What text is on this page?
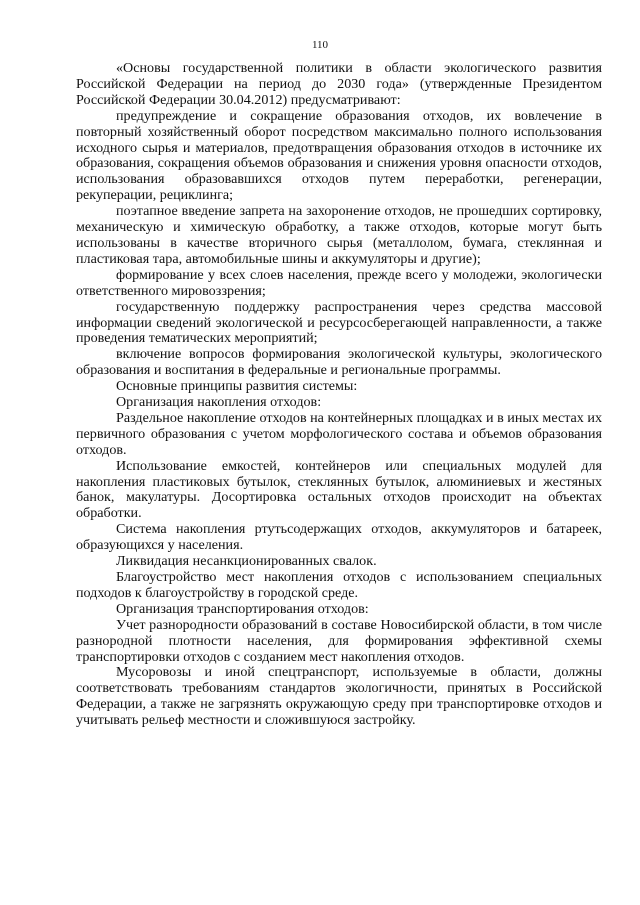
110

«Основы государственной политики в области экологического развития Российской Федерации на период до 2030 года» (утвержденные Президентом Российской Федерации 30.04.2012) предусматривают:

предупреждение и сокращение образования отходов, их вовлечение в повторный хозяйственный оборот посредством максимально полного использования исходного сырья и материалов, предотвращения образования отходов в источнике их образования, сокращения объемов образования и снижения уровня опасности отходов, использования образовавшихся отходов путем переработки, регенерации, рекуперации, рециклинга;

поэтапное введение запрета на захоронение отходов, не прошедших сортировку, механическую и химическую обработку, а также отходов, которые могут быть использованы в качестве вторичного сырья (металлолом, бумага, стеклянная и пластиковая тара, автомобильные шины и аккумуляторы и другие);

формирование у всех слоев населения, прежде всего у молодежи, экологически ответственного мировоззрения;

государственную поддержку распространения через средства массовой информации сведений экологической и ресурсосберегающей направленности, а также проведения тематических мероприятий;

включение вопросов формирования экологической культуры, экологического образования и воспитания в федеральные и региональные программы.

Основные принципы развития системы:

Организация накопления отходов:

Раздельное накопление отходов на контейнерных площадках и в иных местах их первичного образования с учетом морфологического состава и объемов образования отходов.

Использование емкостей, контейнеров или специальных модулей для накопления пластиковых бутылок, стеклянных бутылок, алюминиевых и жестяных банок, макулатуры. Досортировка остальных отходов происходит на объектах обработки.

Система накопления ртутьсодержащих отходов, аккумуляторов и батареек, образующихся у населения.

Ликвидация несанкционированных свалок.

Благоустройство мест накопления отходов с использованием специальных подходов к благоустройству в городской среде.

Организация транспортирования отходов:

Учет разнородности образований в составе Новосибирской области, в том числе разнородной плотности населения, для формирования эффективной схемы транспортировки отходов с созданием мест накопления отходов.

Мусоровозы и иной спецтранспорт, используемые в области, должны соответствовать требованиям стандартов экологичности, принятых в Российской Федерации, а также не загрязнять окружающую среду при транспортировке отходов и учитывать рельеф местности и сложившуюся застройку.
